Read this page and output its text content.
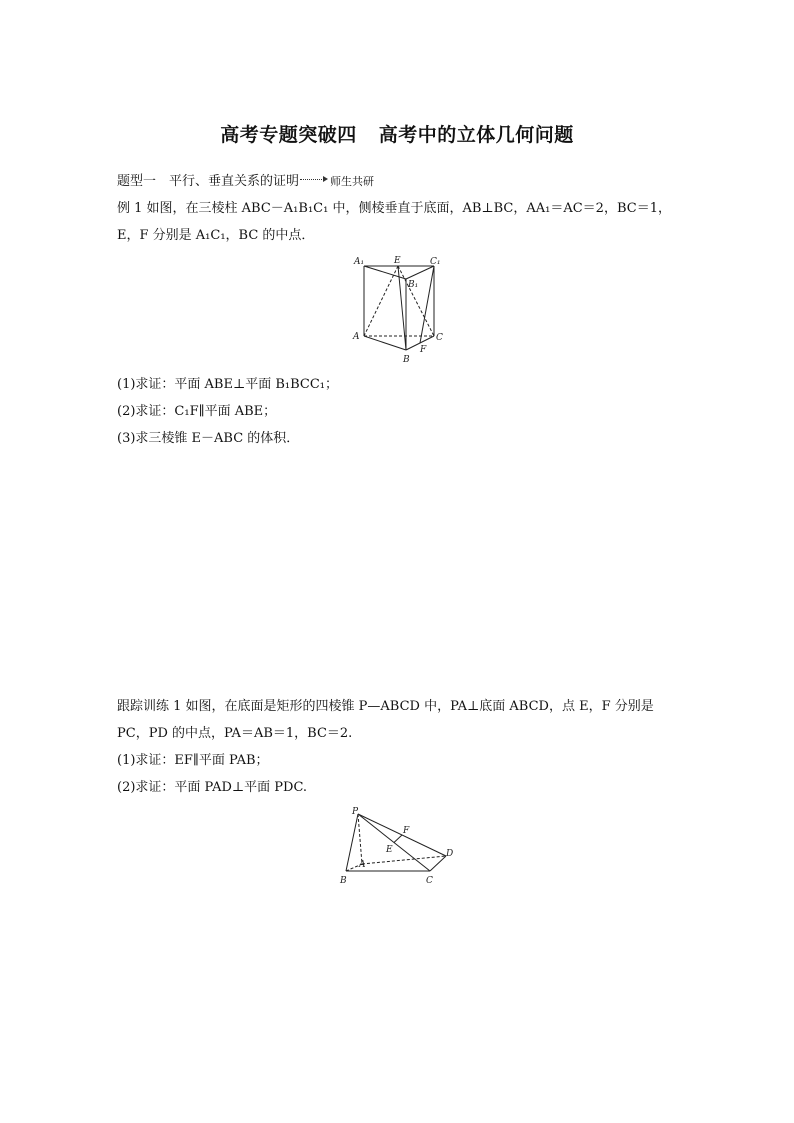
高考专题突破四 高考中的立体几何问题
题型一　平行、垂直关系的证明	师生共研
例 1 如图，在三棱柱 ABC－A₁B₁C₁ 中，侧棱垂直于底面，AB⊥BC，AA₁＝AC＝2，BC＝1，
E，F 分别是 A₁C₁，BC 的中点．
A₁	E	C₁
B₁
A
F
C
B
(1)求证：平面 ABE⊥平面 B₁BCC₁；
(2)求证：C₁F∥平面 ABE；
(3)求三棱锥 E－ABC 的体积．
跟踪训练 1 如图，在底面是矩形的四棱锥 P—ABCD 中，PA⊥底面 ABCD，点 E，F 分别是
PC，PD 的中点，PA＝AB＝1，BC＝2.
(1)求证：EF∥平面 PAB；
(2)求证：平面 PAD⊥平面 PDC.
P
F
E	D
A
B	C
